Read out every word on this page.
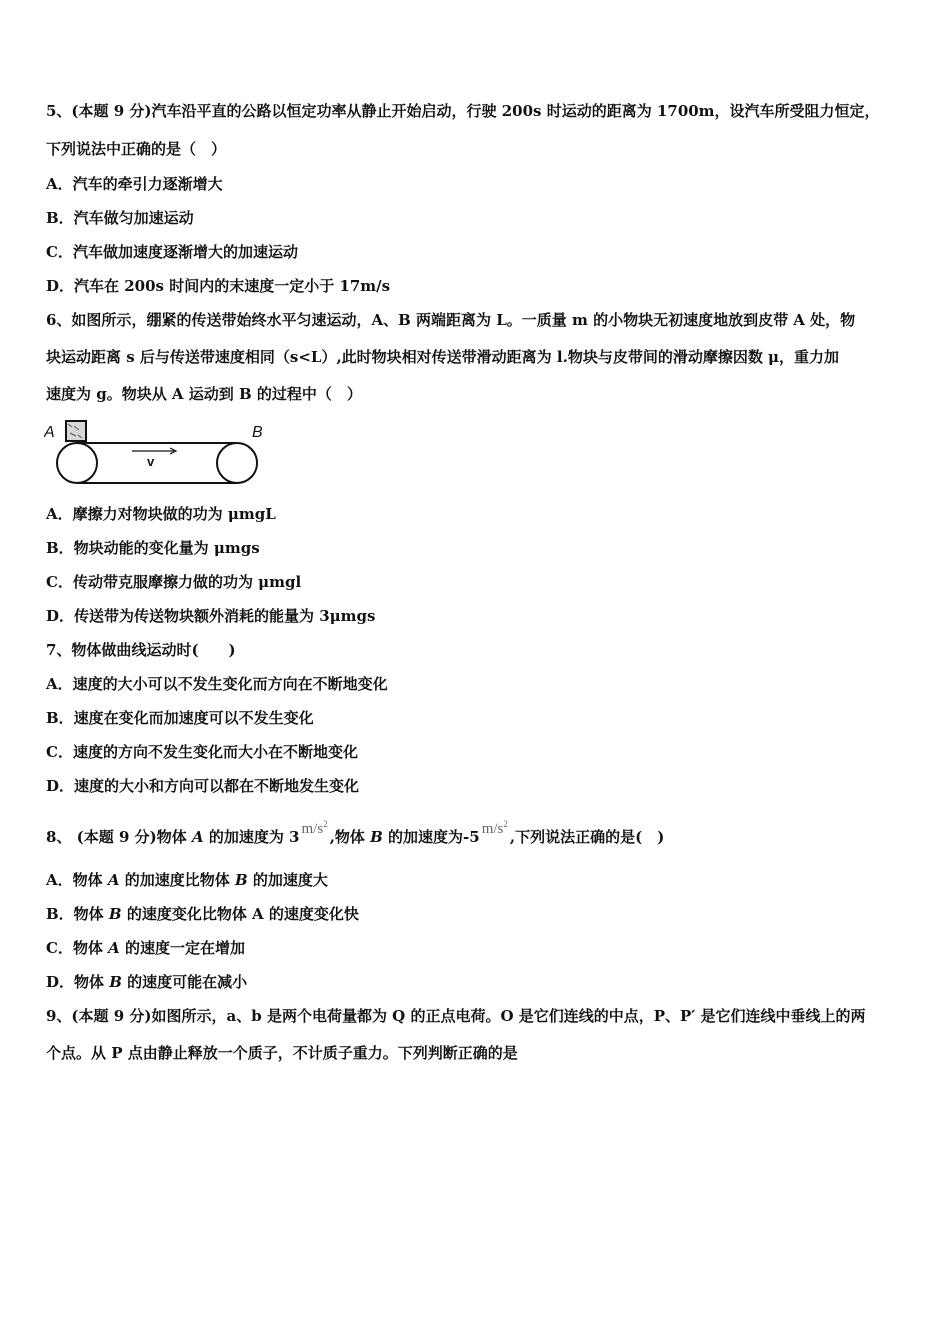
5、(本题 9 分)汽车沿平直的公路以恒定功率从静止开始启动，行驶 200s 时运动的距离为 1700m，设汽车所受阻力恒定，
下列说法中正确的是（　）
A．汽车的牵引力逐渐增大
B．汽车做匀加速运动
C．汽车做加速度逐渐增大的加速运动
D．汽车在 200s 时间内的末速度一定小于 17m/s
6、如图所示，绷紧的传送带始终水平匀速运动，A、B 两端距离为 L。一质量 m 的小物块无初速度地放到皮带 A 处，物
块运动距离 s 后与传送带速度相同（s<L）,此时物块相对传送带滑动距离为 l.物块与皮带间的滑动摩擦因数 μ，重力加
速度为 g。物块从 A 运动到 B 的过程中（　）
A	B
v
A．摩擦力对物块做的功为 μmgL
B．物块动能的变化量为 μmgs
C．传动带克服摩擦力做的功为 μmgl
D．传送带为传送物块额外消耗的能量为 3μmgs
7、物体做曲线运动时(　　)
A．速度的大小可以不发生变化而方向在不断地变化
B．速度在变化而加速度可以不发生变化
C．速度的方向不发生变化而大小在不断地变化
D．速度的大小和方向可以都在不断地发生变化
8、 (本题 9 分)物体 A 的加速度为 3 $m/s^2$,物体 B 的加速度为-5 $m/s^2$,下列说法正确的是(　)
A．物体 A 的加速度比物体 B 的加速度大
B．物体 B 的速度变化比物体 A 的速度变化快
C．物体 A 的速度一定在增加
D．物体 B 的速度可能在减小
9、(本题 9 分)如图所示，a、b 是两个电荷量都为 Q 的正点电荷。O 是它们连线的中点，P、P′ 是它们连线中垂线上的两
个点。从 P 点由静止释放一个质子，不计质子重力。下列判断正确的是
